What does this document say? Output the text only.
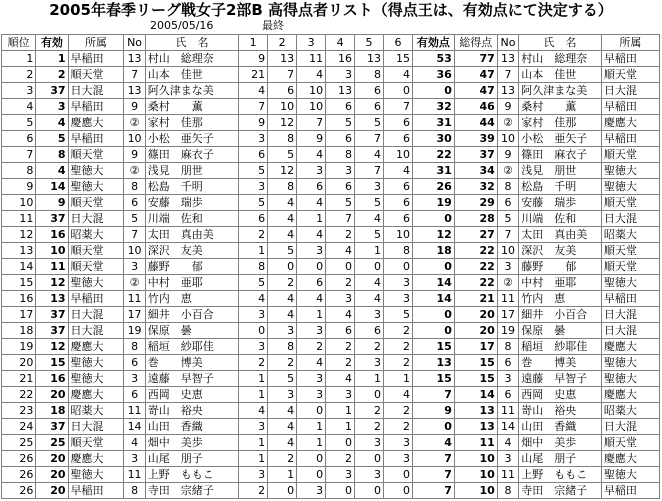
2005年春季リーグ戦女子2部B 高得点者リスト（得点王は、有効点にて決定する）
2005/05/16	最終
順位	有効	所属	No	氏　名	1	2	3	4	5	6	有効点	総得点	No	氏　名	所属
1	1	早稲田	13	村山　総理奈	9	13	11	16	13	15	53	77	13	村山　総理奈	早稲田
2	2	順天堂	7	山本　佳世	21	7	4	3	8	4	36	47	7	山本　佳世	順天堂
3	37	日大混	13	阿久津まな美	4	6	10	13	6	0	0	47	13	阿久津まな美	日大混
4	3	早稲田	9	桑村　　薫	7	10	10	6	6	7	32	46	9	桑村　　薫	早稲田
5	4	慶應大	②	家村　佳那	9	12	7	5	5	6	31	44	②	家村　佳那	慶應大
6	5	早稲田	10	小松　亜矢子	3	8	9	6	7	6	30	39	10	小松　亜矢子	早稲田
7	8	順天堂	9	篠田　麻衣子	6	5	4	8	4	10	22	37	9	篠田　麻衣子	順天堂
8	4	聖徳大	②	浅見　朋世	5	12	3	3	7	4	31	34	②	浅見　朋世	聖徳大
9	14	聖徳大	8	松島　千明	3	8	6	6	3	6	26	32	8	松島　千明	聖徳大
10	9	順天堂	6	安藤　瑞歩	5	4	4	5	5	6	19	29	6	安藤　瑞歩	順天堂
11	37	日大混	5	川端　佐和	6	4	1	7	4	6	0	28	5	川端　佐和	日大混
12	16	昭薬大	7	太田　真由美	2	4	4	2	5	10	12	27	7	太田　真由美	昭薬大
13	10	順天堂	10	深沢　友美	1	5	3	4	1	8	18	22	10	深沢　友美	順天堂
14	11	順天堂	3	藤野　　郁	8	0	0	0	0	0	0	22	3	藤野　　郁	順天堂
15	12	聖徳大	②	中村　亜耶	5	2	6	2	4	3	14	22	②	中村　亜耶	聖徳大
16	13	早稲田	11	竹内　恵	4	4	4	3	4	3	14	21	11	竹内　恵	早稲田
17	37	日大混	17	細井　小百合	3	4	1	4	3	5	0	20	17	細井　小百合	日大混
18	37	日大混	19	保原　曇	0	3	3	6	6	2	0	20	19	保原　曇	日大混
19	12	慶應大	8	稲垣　紗耶佳	3	8	2	2	2	2	15	17	8	稲垣　紗耶佳	慶應大
20	15	聖徳大	6	巻　　博美	2	2	4	2	3	2	13	15	6	巻　　博美	聖徳大
21	16	聖徳大	3	遠藤　早智子	1	5	3	4	1	1	15	15	3	遠藤　早智子	聖徳大
22	20	慶應大	6	西岡　史恵	1	3	3	3	0	4	7	14	6	西岡　史恵	慶應大
23	18	昭薬大	11	嵜山　裕央	4	4	0	1	2	2	9	13	11	嵜山　裕央	昭薬大
24	37	日大混	14	山田　香織	3	4	1	1	2	2	0	13	14	山田　香織	日大混
25	25	順天堂	4	畑中　美歩	1	4	1	0	3	3	4	11	4	畑中　美歩	順天堂
26	20	慶應大	3	山尾　朋子	1	2	0	2	0	3	7	10	3	山尾　朋子	慶應大
26	20	聖徳大	11	上野　ももこ	3	1	0	3	3	0	7	10	11	上野　ももこ	聖徳大
26	20	早稲田	8	寺田　宗緒子	2	0	3	0	0	0	7	10	8	寺田　宗緒子	早稲田
